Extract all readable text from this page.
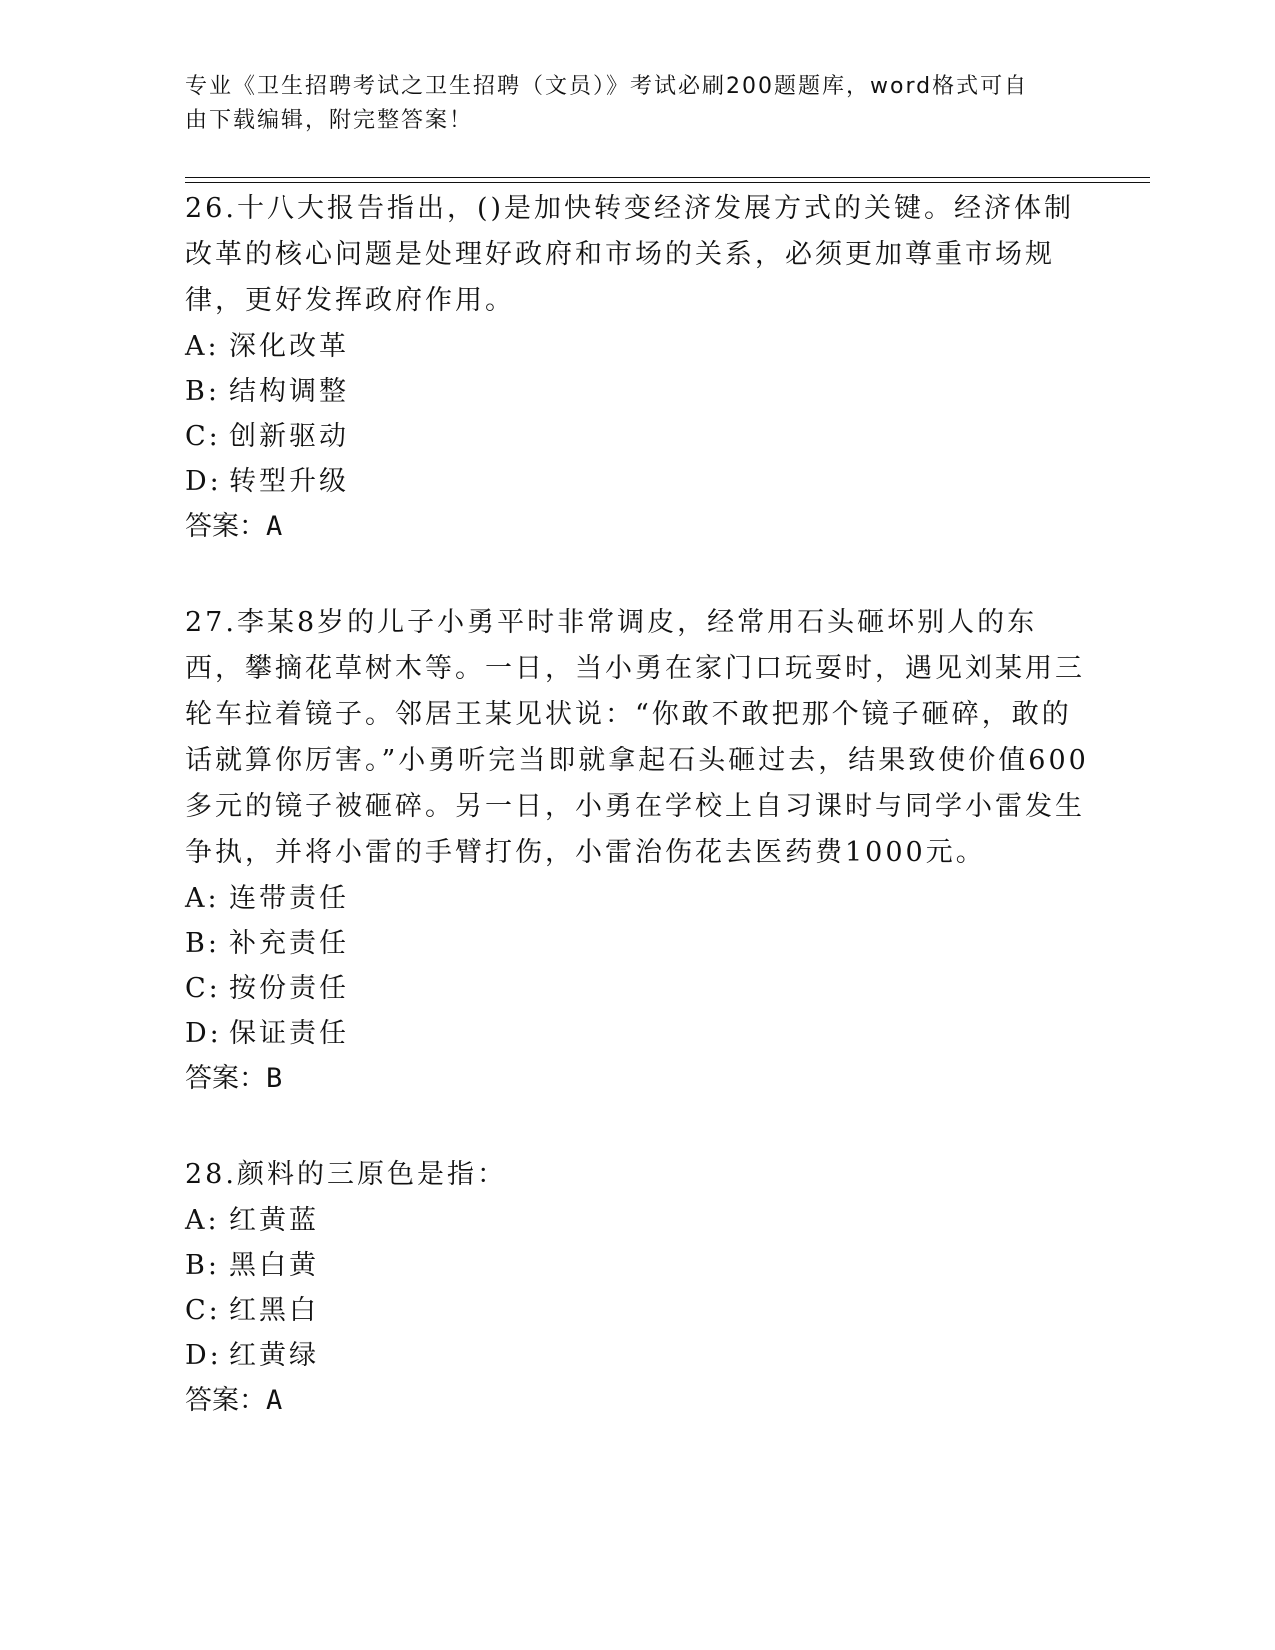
专业《卫生招聘考试之卫生招聘（文员）》考试必刷200题题库，word格式可自
由下载编辑，附完整答案！

26.十八大报告指出，()是加快转变经济发展方式的关键。经济体制改革的核心问题是处理好政府和市场的关系，必须更加尊重市场规律，更好发挥政府作用。

A: 深化改革

B: 结构调整

C: 创新驱动

D: 转型升级

答案：A

27.李某8岁的儿子小勇平时非常调皮，经常用石头砸坏别人的东西，攀摘花草树木等。一日，当小勇在家门口玩耍时，遇见刘某用三轮车拉着镜子。邻居王某见状说：“你敢不敢把那个镜子砸碎，敢的话就算你厉害。”小勇听完当即就拿起石头砸过去，结果致使价值600多元的镜子被砸碎。另一日，小勇在学校上自习课时与同学小雷发生争执，并将小雷的手臂打伤，小雷治伤花去医药费1000元。

A: 连带责任

B: 补充责任

C: 按份责任

D: 保证责任

答案：B

28.颜料的三原色是指：

A: 红黄蓝

B: 黑白黄

C: 红黑白

D: 红黄绿

答案：A
